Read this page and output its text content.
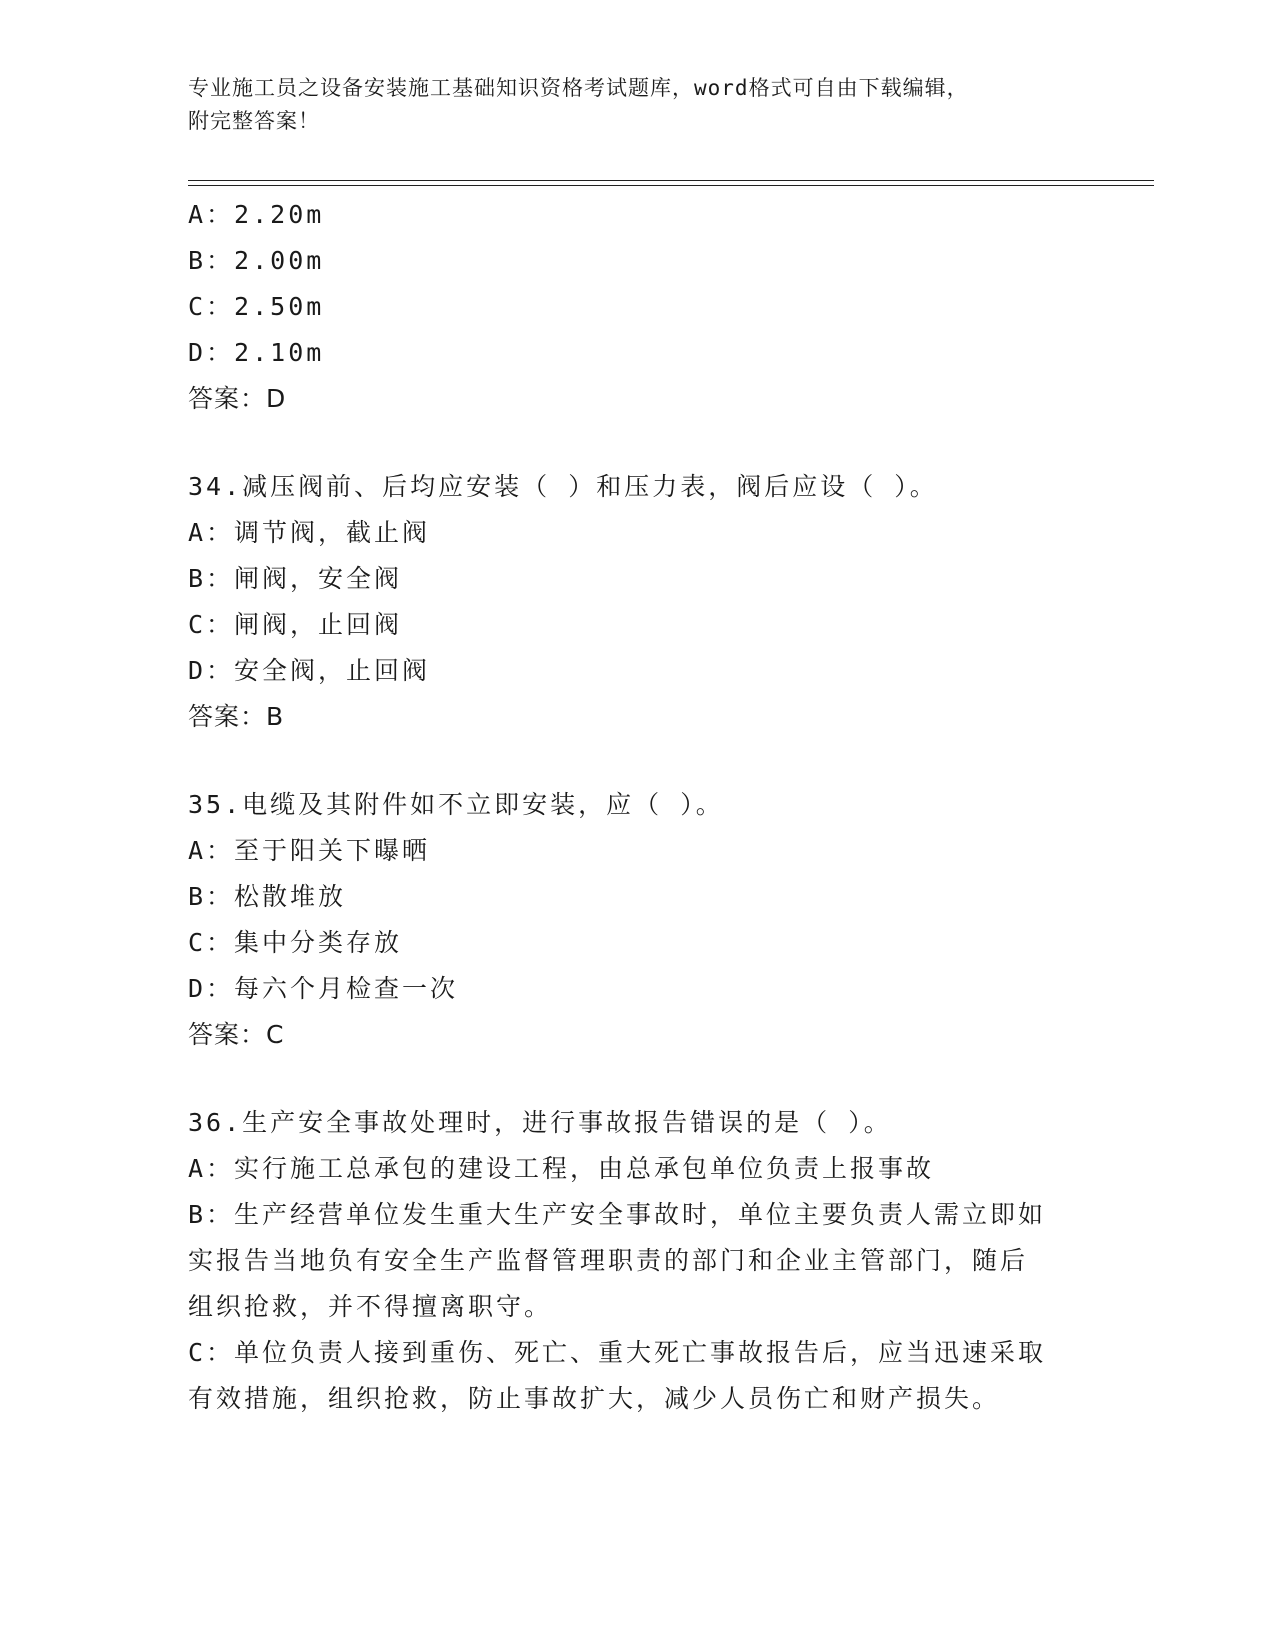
专业施工员之设备安装施工基础知识资格考试题库，word格式可自由下载编辑，
附完整答案！
A：2.20m
B：2.00m
C：2.50m
D：2.10m
答案：D
34.减压阀前、后均应安装（ ）和压力表，阀后应设（ ）。
A：调节阀，截止阀
B：闸阀，安全阀
C：闸阀，止回阀
D：安全阀，止回阀
答案：B
35.电缆及其附件如不立即安装，应（ ）。
A：至于阳关下曝晒
B：松散堆放
C：集中分类存放
D：每六个月检查一次
答案：C
36.生产安全事故处理时，进行事故报告错误的是（ ）。
A：实行施工总承包的建设工程，由总承包单位负责上报事故
B：生产经营单位发生重大生产安全事故时，单位主要负责人需立即如
实报告当地负有安全生产监督管理职责的部门和企业主管部门，随后
组织抢救，并不得擅离职守。
C：单位负责人接到重伤、死亡、重大死亡事故报告后，应当迅速采取
有效措施，组织抢救，防止事故扩大，减少人员伤亡和财产损失。
